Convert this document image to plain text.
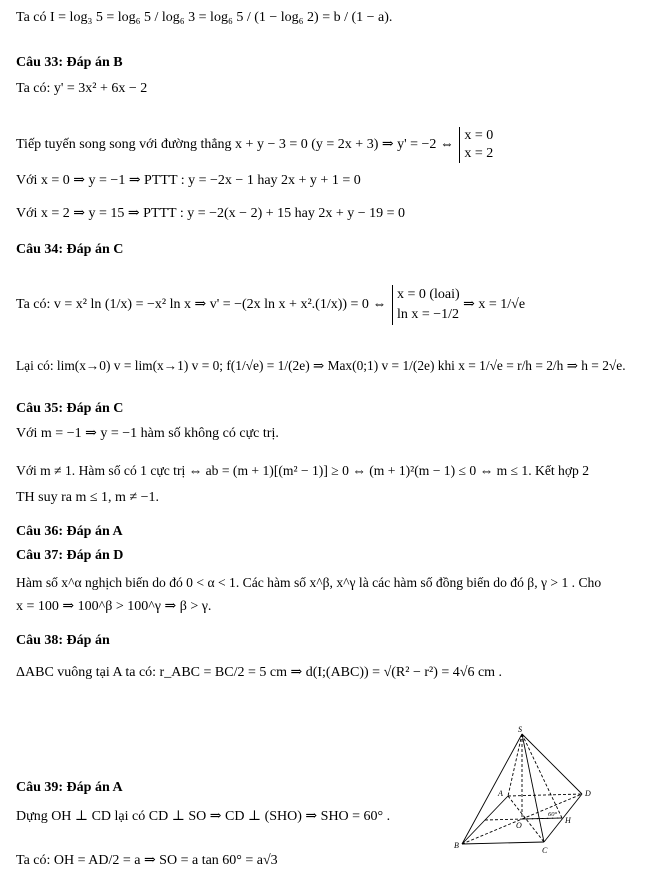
Ta có I = log₃ 5 = log₆ 5 / log₆ 3 = log₆ 5 / (1 − log₆ 2) = b / (1 − a).
Câu 33: Đáp án B
Ta có: y' = 3x² + 6x − 2
Tiếp tuyến song song với đường thẳng x + y − 3 = 0 (y = 2x + 3) ⇒ y' = −2 ⇔
x = 0
x = 2
Với x = 0 ⇒ y = −1 ⇒ PTTT : y = −2x − 1 hay 2x + y + 1 = 0
Với x = 2 ⇒ y = 15 ⇒ PTTT : y = −2(x − 2) + 15 hay 2x + y − 19 = 0
Câu 34: Đáp án C
Ta có: v = x² ln (1/x) = −x² ln x ⇒ v' = −(2x ln x + x².(1/x)) = 0 ⇔
x = 0 (loai)
ln x = −1/2
⇒ x = 1/√e
Lại có: lim(x→0) v = lim(x→1) v = 0; f(1/√e) = 1/(2e) ⇒ Max(0;1) v = 1/(2e) khi x = 1/√e = r/h = 2/h ⇒ h = 2√e.
Câu 35: Đáp án C
Với m = −1 ⇒ y = −1 hàm số không có cực trị.
Với m ≠ 1. Hàm số có 1 cực trị ⇔ ab = (m + 1)[(m² − 1)] ≥ 0 ⇔ (m + 1)²(m − 1) ≤ 0 ⇔ m ≤ 1. Kết hợp 2
TH suy ra m ≤ 1, m ≠ −1.
Câu 36: Đáp án A
Câu 37: Đáp án D
Hàm số x^α nghịch biến do đó 0 < α < 1. Các hàm số x^β, x^γ là các hàm số đồng biến do đó β, γ > 1 . Cho
x = 100 ⇒ 100^β > 100^γ ⇒ β > γ.
Câu 38: Đáp án
ΔABC vuông tại A ta có: r_ABC = BC/2 = 5 cm ⇒ d(I;(ABC)) = √(R² − r²) = 4√6 cm .
Câu 39: Đáp án A
Dựng OH ⊥ CD lại có CD ⊥ SO ⇒ CD ⊥ (SHO) ⇒ SHO = 60° .
Ta có: OH = AD/2 = a ⇒ SO = a tan 60° = a√3
S
A
B
C
D
O
H
60°
